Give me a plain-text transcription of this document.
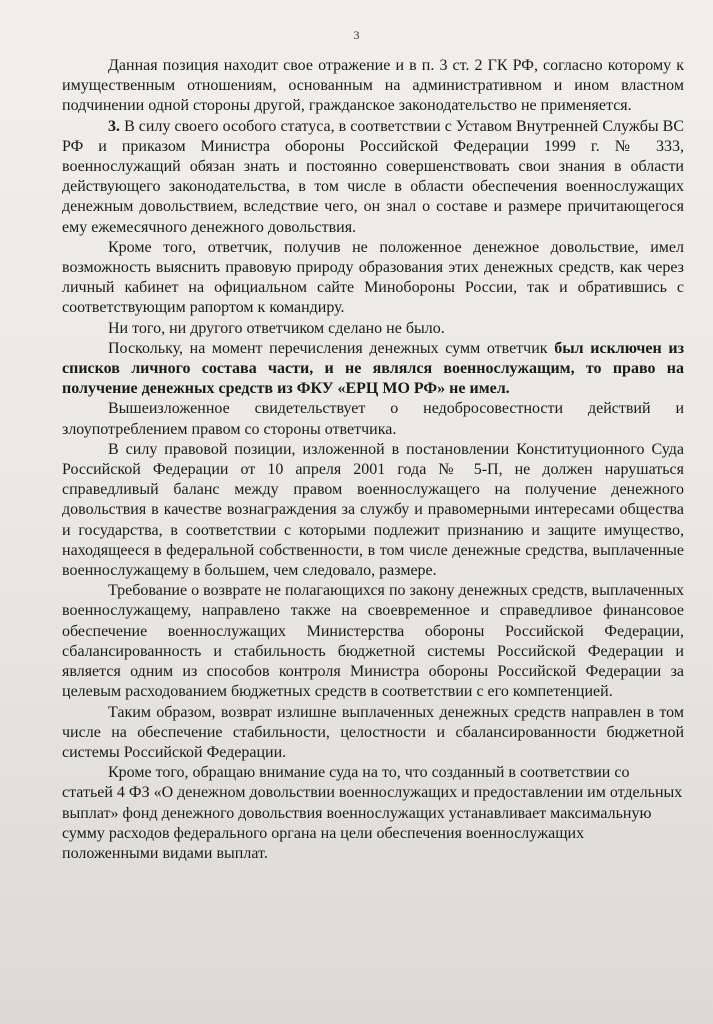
3

Данная позиция находит свое отражение и в п. 3 ст. 2 ГК РФ, согласно которому к имущественным отношениям, основанным на административном и ином властном подчинении одной стороны другой, гражданское законодательство не применяется.

3. В силу своего особого статуса, в соответствии с Уставом Внутренней Службы ВС РФ и приказом Министра обороны Российской Федерации 1999 г. № 333, военнослужащий обязан знать и постоянно совершенствовать свои знания в области действующего законодательства, в том числе в области обеспечения военнослужащих денежным довольствием, вследствие чего, он знал о составе и размере причитающегося ему ежемесячного денежного довольствия.

Кроме того, ответчик, получив не положенное денежное довольствие, имел возможность выяснить правовую природу образования этих денежных средств, как через личный кабинет на официальном сайте Минобороны России, так и обратившись с соответствующим рапортом к командиру.

Ни того, ни другого ответчиком сделано не было.

Поскольку, на момент перечисления денежных сумм ответчик был исключен из списков личного состава части, и не являлся военнослужащим, то право на получение денежных средств из ФКУ «ЕРЦ МО РФ» не имел.

Вышеизложенное свидетельствует о недобросовестности действий и злоупотреблением правом со стороны ответчика.

В силу правовой позиции, изложенной в постановлении Конституционного Суда Российской Федерации от 10 апреля 2001 года № 5-П, не должен нарушаться справедливый баланс между правом военнослужащего на получение денежного довольствия в качестве вознаграждения за службу и правомерными интересами общества и государства, в соответствии с которыми подлежит признанию и защите имущество, находящееся в федеральной собственности, в том числе денежные средства, выплаченные военнослужащему в большем, чем следовало, размере.

Требование о возврате не полагающихся по закону денежных средств, выплаченных военнослужащему, направлено также на своевременное и справедливое финансовое обеспечение военнослужащих Министерства обороны Российской Федерации, сбалансированность и стабильность бюджетной системы Российской Федерации и является одним из способов контроля Министра обороны Российской Федерации за целевым расходованием бюджетных средств в соответствии с его компетенцией.

Таким образом, возврат излишне выплаченных денежных средств направлен в том числе на обеспечение стабильности, целостности и сбалансированности бюджетной системы Российской Федерации.

Кроме того, обращаю внимание суда на то, что созданный в соответствии со статьей 4 ФЗ «О денежном довольствии военнослужащих и предоставлении им отдельных выплат» фонд денежного довольствия военнослужащих устанавливает максимальную сумму расходов федерального органа на цели обеспечения военнослужащих положенными видами выплат.
